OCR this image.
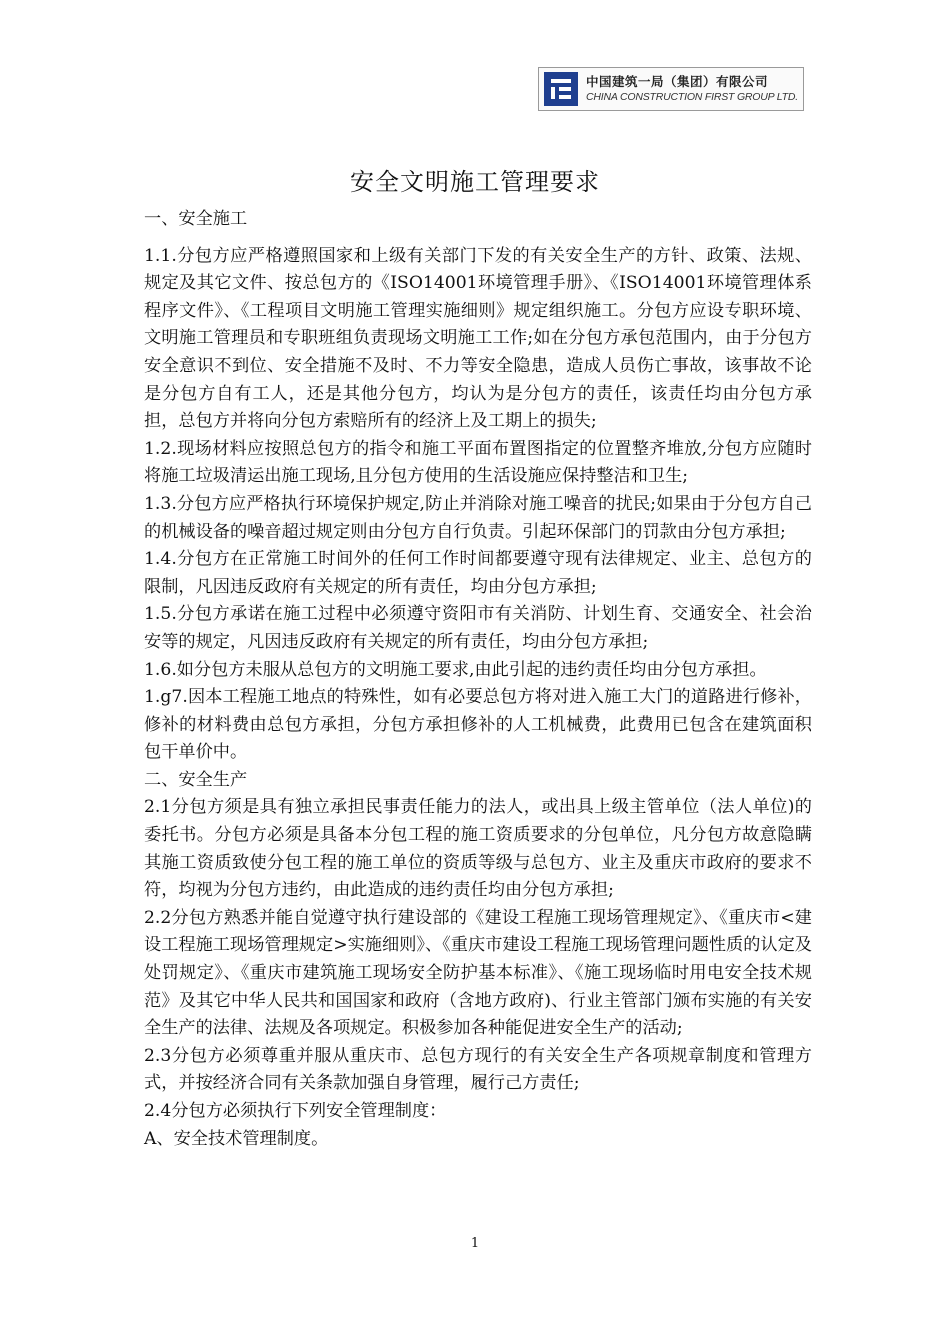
中国建筑一局（集团）有限公司
CHINA CONSTRUCTION FIRST GROUP LTD.
安全文明施工管理要求

一、安全施工

1.1.分包方应严格遵照国家和上级有关部门下发的有关安全生产的方针、政策、法规、规定及其它文件、按总包方的《ISO14001环境管理手册》、《ISO14001环境管理体系程序文件》、《工程项目文明施工管理实施细则》规定组织施工。分包方应设专职环境、文明施工管理员和专职班组负责现场文明施工工作;如在分包方承包范围内，由于分包方安全意识不到位、安全措施不及时、不力等安全隐患，造成人员伤亡事故，该事故不论是分包方自有工人，还是其他分包方，均认为是分包方的责任，该责任均由分包方承担，总包方并将向分包方索赔所有的经济上及工期上的损失;

1.2.现场材料应按照总包方的指令和施工平面布置图指定的位置整齐堆放,分包方应随时将施工垃圾清运出施工现场,且分包方使用的生活设施应保持整洁和卫生;

1.3.分包方应严格执行环境保护规定,防止并消除对施工噪音的扰民;如果由于分包方自己的机械设备的噪音超过规定则由分包方自行负责。引起环保部门的罚款由分包方承担;

1.4.分包方在正常施工时间外的任何工作时间都要遵守现有法律规定、业主、总包方的限制，凡因违反政府有关规定的所有责任，均由分包方承担;

1.5.分包方承诺在施工过程中必须遵守资阳市有关消防、计划生育、交通安全、社会治安等的规定，凡因违反政府有关规定的所有责任，均由分包方承担;

1.6.如分包方未服从总包方的文明施工要求,由此引起的违约责任均由分包方承担。

1.g7.因本工程施工地点的特殊性，如有必要总包方将对进入施工大门的道路进行修补，修补的材料费由总包方承担，分包方承担修补的人工机械费，此费用已包含在建筑面积包干单价中。

二、安全生产

2.1分包方须是具有独立承担民事责任能力的法人，或出具上级主管单位（法人单位)的委托书。分包方必须是具备本分包工程的施工资质要求的分包单位，凡分包方故意隐瞒其施工资质致使分包工程的施工单位的资质等级与总包方、业主及重庆市政府的要求不符，均视为分包方违约，由此造成的违约责任均由分包方承担;

2.2分包方熟悉并能自觉遵守执行建设部的《建设工程施工现场管理规定》、《重庆市<建设工程施工现场管理规定>实施细则》、《重庆市建设工程施工现场管理问题性质的认定及处罚规定》、《重庆市建筑施工现场安全防护基本标准》、《施工现场临时用电安全技术规范》及其它中华人民共和国国家和政府（含地方政府)、行业主管部门颁布实施的有关安全生产的法律、法规及各项规定。积极参加各种能促进安全生产的活动;

2.3分包方必须尊重并服从重庆市、总包方现行的有关安全生产各项规章制度和管理方式，并按经济合同有关条款加强自身管理，履行己方责任;

2.4分包方必须执行下列安全管理制度：

A、安全技术管理制度。

1
